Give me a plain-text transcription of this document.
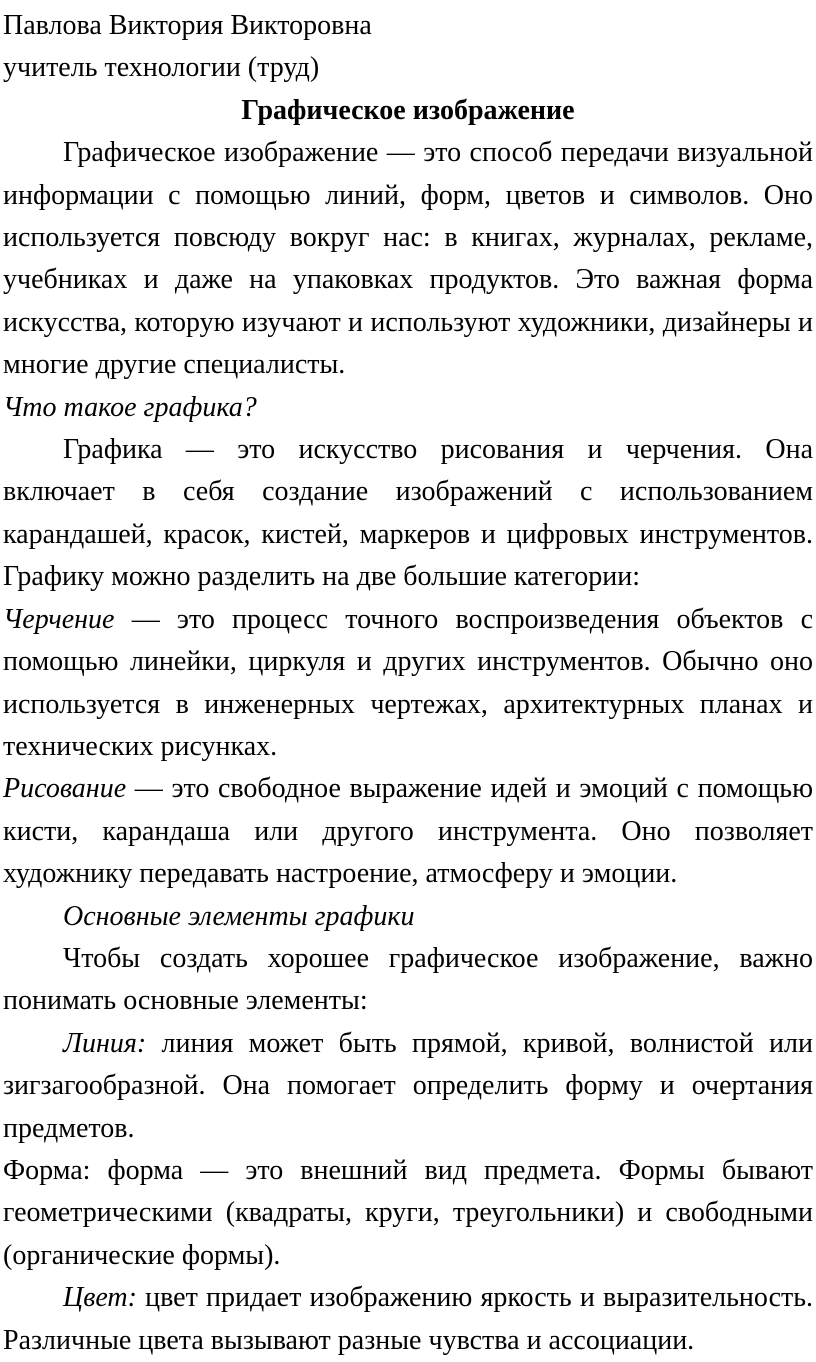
Павлова Виктория Викторовна

учитель технологии (труд)

Графическое изображение

Графическое изображение — это способ передачи визуальной информации с помощью линий, форм, цветов и символов. Оно используется повсюду вокруг нас: в книгах, журналах, рекламе, учебниках и даже на упаковках продуктов. Это важная форма искусства, которую изучают и используют художники, дизайнеры и многие другие специалисты.

Что такое графика?

Графика — это искусство рисования и черчения. Она включает в себя создание изображений с использованием карандашей, красок, кистей, маркеров и цифровых инструментов. Графику можно разделить на две большие категории:

Черчение — это процесс точного воспроизведения объектов с помощью линейки, циркуля и других инструментов. Обычно оно используется в инженерных чертежах, архитектурных планах и технических рисунках.

Рисование — это свободное выражение идей и эмоций с помощью кисти, карандаша или другого инструмента. Оно позволяет художнику передавать настроение, атмосферу и эмоции.

Основные элементы графики

Чтобы создать хорошее графическое изображение, важно понимать основные элементы:

Линия: линия может быть прямой, кривой, волнистой или зигзагообразной. Она помогает определить форму и очертания предметов.

Форма: форма — это внешний вид предмета. Формы бывают геометрическими (квадраты, круги, треугольники) и свободными (органические формы).

Цвет: цвет придает изображению яркость и выразительность. Различные цвета вызывают разные чувства и ассоциации.
